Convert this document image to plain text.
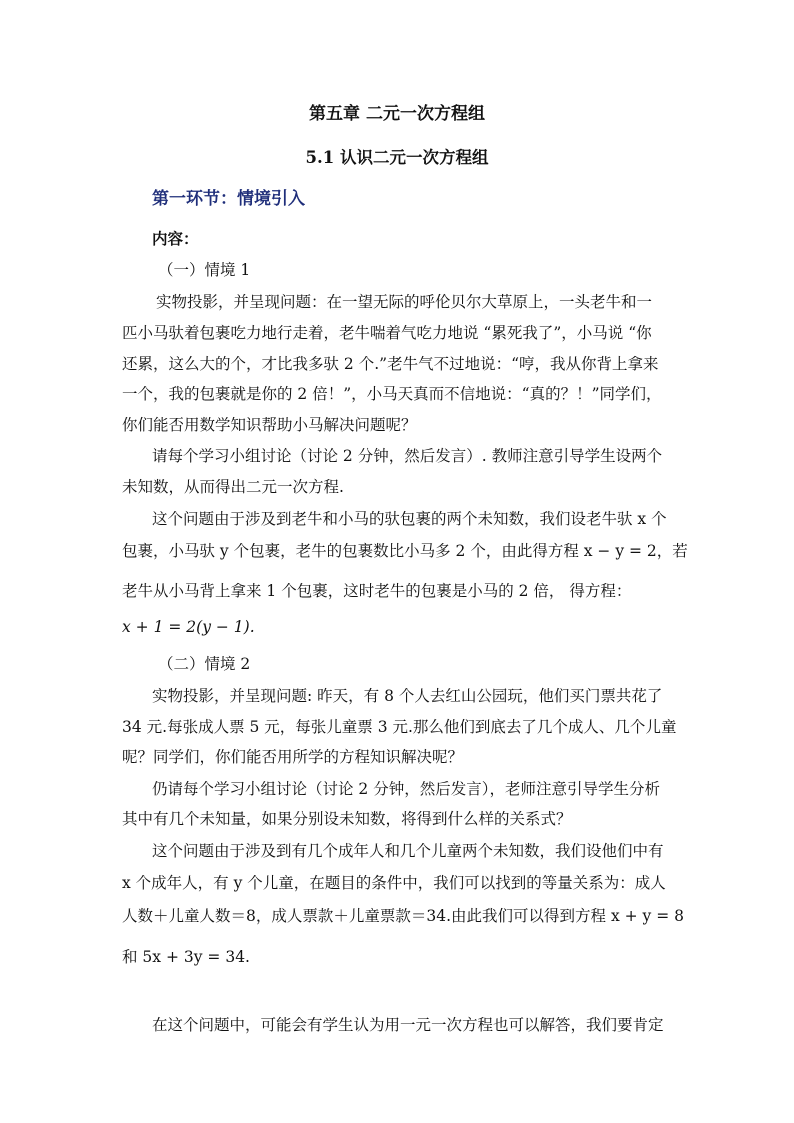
第五章 二元一次方程组
5.1 认识二元一次方程组
第一环节：情境引入
内容：
（一）情境 1
实物投影，并呈现问题：在一望无际的呼伦贝尔大草原上，一头老牛和一
匹小马驮着包裹吃力地行走着，老牛喘着气吃力地说 “累死我了”，小马说 “你
还累，这么大的个，才比我多驮 2 个.”老牛气不过地说：“哼，我从你背上拿来
一个，我的包裹就是你的 2 倍！”，小马天真而不信地说：“真的？！”同学们，
你们能否用数学知识帮助小马解决问题呢？
请每个学习小组讨论（讨论 2 分钟，然后发言）. 教师注意引导学生设两个
未知数，从而得出二元一次方程.
这个问题由于涉及到老牛和小马的驮包裹的两个未知数，我们设老牛驮 x 个
包裹，小马驮 y 个包裹，老牛的包裹数比小马多 2 个，由此得方程 x − y = 2，若
老牛从小马背上拿来 1 个包裹，这时老牛的包裹是小马的 2 倍， 得方程：
x + 1 = 2(y − 1).
（二）情境 2
实物投影，并呈现问题: 昨天，有 8 个人去红山公园玩，他们买门票共花了
34 元.每张成人票 5 元，每张儿童票 3 元.那么他们到底去了几个成人、几个儿童
呢？同学们，你们能否用所学的方程知识解决呢？
仍请每个学习小组讨论（讨论 2 分钟，然后发言），老师注意引导学生分析
其中有几个未知量，如果分别设未知数，将得到什么样的关系式？
这个问题由于涉及到有几个成年人和几个儿童两个未知数，我们设他们中有
x 个成年人，有 y 个儿童，在题目的条件中，我们可以找到的等量关系为：成人
人数＋儿童人数＝8，成人票款＋儿童票款＝34.由此我们可以得到方程 x + y = 8
和 5x + 3y = 34.
在这个问题中，可能会有学生认为用一元一次方程也可以解答，我们要肯定
